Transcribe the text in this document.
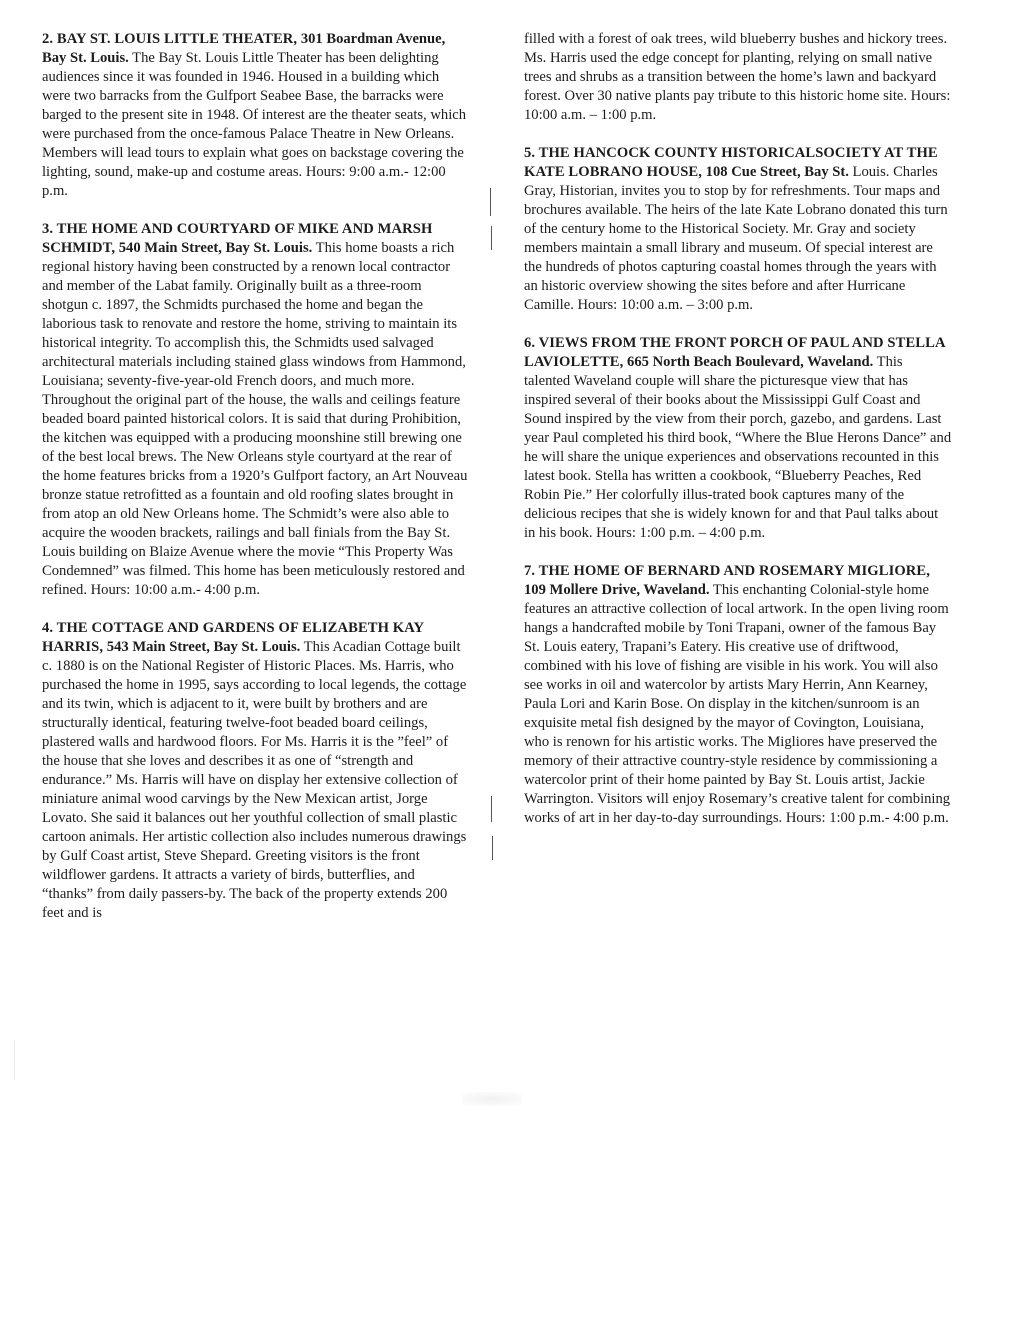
2. BAY ST. LOUIS LITTLE THEATER, 301 Boardman Avenue, Bay St. Louis. The Bay St. Louis Little Theater has been delighting audiences since it was founded in 1946. Housed in a building which were two barracks from the Gulfport Seabee Base, the barracks were barged to the present site in 1948. Of interest are the theater seats, which were purchased from the once-famous Palace Theatre in New Orleans. Members will lead tours to explain what goes on backstage covering the lighting, sound, make-up and costume areas. Hours: 9:00 a.m.- 12:00 p.m.

3. THE HOME AND COURTYARD OF MIKE AND MARSH SCHMIDT, 540 Main Street, Bay St. Louis. This home boasts a rich regional history having been constructed by a renown local contractor and member of the Labat family. Originally built as a three-room shotgun c. 1897, the Schmidts purchased the home and began the laborious task to renovate and restore the home, striving to maintain its historical integrity. To accomplish this, the Schmidts used salvaged architectural materials including stained glass windows from Hammond, Louisiana; seventy-five-year-old French doors, and much more. Throughout the original part of the house, the walls and ceilings feature beaded board painted historical colors. It is said that during Prohibition, the kitchen was equipped with a producing moonshine still brewing one of the best local brews. The New Orleans style courtyard at the rear of the home features bricks from a 1920’s Gulfport factory, an Art Nouveau bronze statue retrofitted as a fountain and old roofing slates brought in from atop an old New Orleans home. The Schmidt’s were also able to acquire the wooden brackets, railings and ball finials from the Bay St. Louis building on Blaize Avenue where the movie “This Property Was Condemned” was filmed. This home has been meticulously restored and refined. Hours: 10:00 a.m.- 4:00 p.m.

4. THE COTTAGE AND GARDENS OF ELIZABETH KAY HARRIS, 543 Main Street, Bay St. Louis. This Acadian Cottage built c. 1880 is on the National Register of Historic Places. Ms. Harris, who purchased the home in 1995, says according to local legends, the cottage and its twin, which is adjacent to it, were built by brothers and are structurally identical, featuring twelve-foot beaded board ceilings, plastered walls and hardwood floors. For Ms. Harris it is the ”feel” of the house that she loves and describes it as one of “strength and endurance.” Ms. Harris will have on display her extensive collection of miniature animal wood carvings by the New Mexican artist, Jorge Lovato. She said it balances out her youthful collection of small plastic cartoon animals. Her artistic collection also includes numerous drawings by Gulf Coast artist, Steve Shepard. Greeting visitors is the front wildflower gardens. It attracts a variety of birds, butterflies, and “thanks” from daily passers-by. The back of the property extends 200 feet and is

filled with a forest of oak trees, wild blueberry bushes and hickory trees. Ms. Harris used the edge concept for planting, relying on small native trees and shrubs as a transition between the home’s lawn and backyard forest. Over 30 native plants pay tribute to this historic home site. Hours: 10:00 a.m. – 1:00 p.m.

5. THE HANCOCK COUNTY HISTORICALSOCIETY AT THE KATE LOBRANO HOUSE, 108 Cue Street, Bay St. Louis. Charles Gray, Historian, invites you to stop by for refreshments. Tour maps and brochures available. The heirs of the late Kate Lobrano donated this turn of the century home to the Historical Society. Mr. Gray and society members maintain a small library and museum. Of special interest are the hundreds of photos capturing coastal homes through the years with an historic overview showing the sites before and after Hurricane Camille. Hours: 10:00 a.m. – 3:00 p.m.

6. VIEWS FROM THE FRONT PORCH OF PAUL AND STELLA LAVIOLETTE, 665 North Beach Boulevard, Waveland. This talented Waveland couple will share the picturesque view that has inspired several of their books about the Mississippi Gulf Coast and Sound inspired by the view from their porch, gazebo, and gardens. Last year Paul completed his third book, “Where the Blue Herons Dance” and he will share the unique experiences and observations recounted in this latest book. Stella has written a cookbook, “Blueberry Peaches, Red Robin Pie.” Her colorfully illus-trated book captures many of the delicious recipes that she is widely known for and that Paul talks about in his book. Hours: 1:00 p.m. – 4:00 p.m.

7. THE HOME OF BERNARD AND ROSEMARY MIGLIORE, 109 Mollere Drive, Waveland. This enchanting Colonial-style home features an attractive collection of local artwork. In the open living room hangs a handcrafted mobile by Toni Trapani, owner of the famous Bay St. Louis eatery, Trapani’s Eatery. His creative use of driftwood, combined with his love of fishing are visible in his work. You will also see works in oil and watercolor by artists Mary Herrin, Ann Kearney, Paula Lori and Karin Bose. On display in the kitchen/sunroom is an exquisite metal fish designed by the mayor of Covington, Louisiana, who is renown for his artistic works. The Migliores have preserved the memory of their attractive country-style residence by commissioning a watercolor print of their home painted by Bay St. Louis artist, Jackie Warrington. Visitors will enjoy Rosemary’s creative talent for combining works of art in her day-to-day surroundings. Hours: 1:00 p.m.- 4:00 p.m.
